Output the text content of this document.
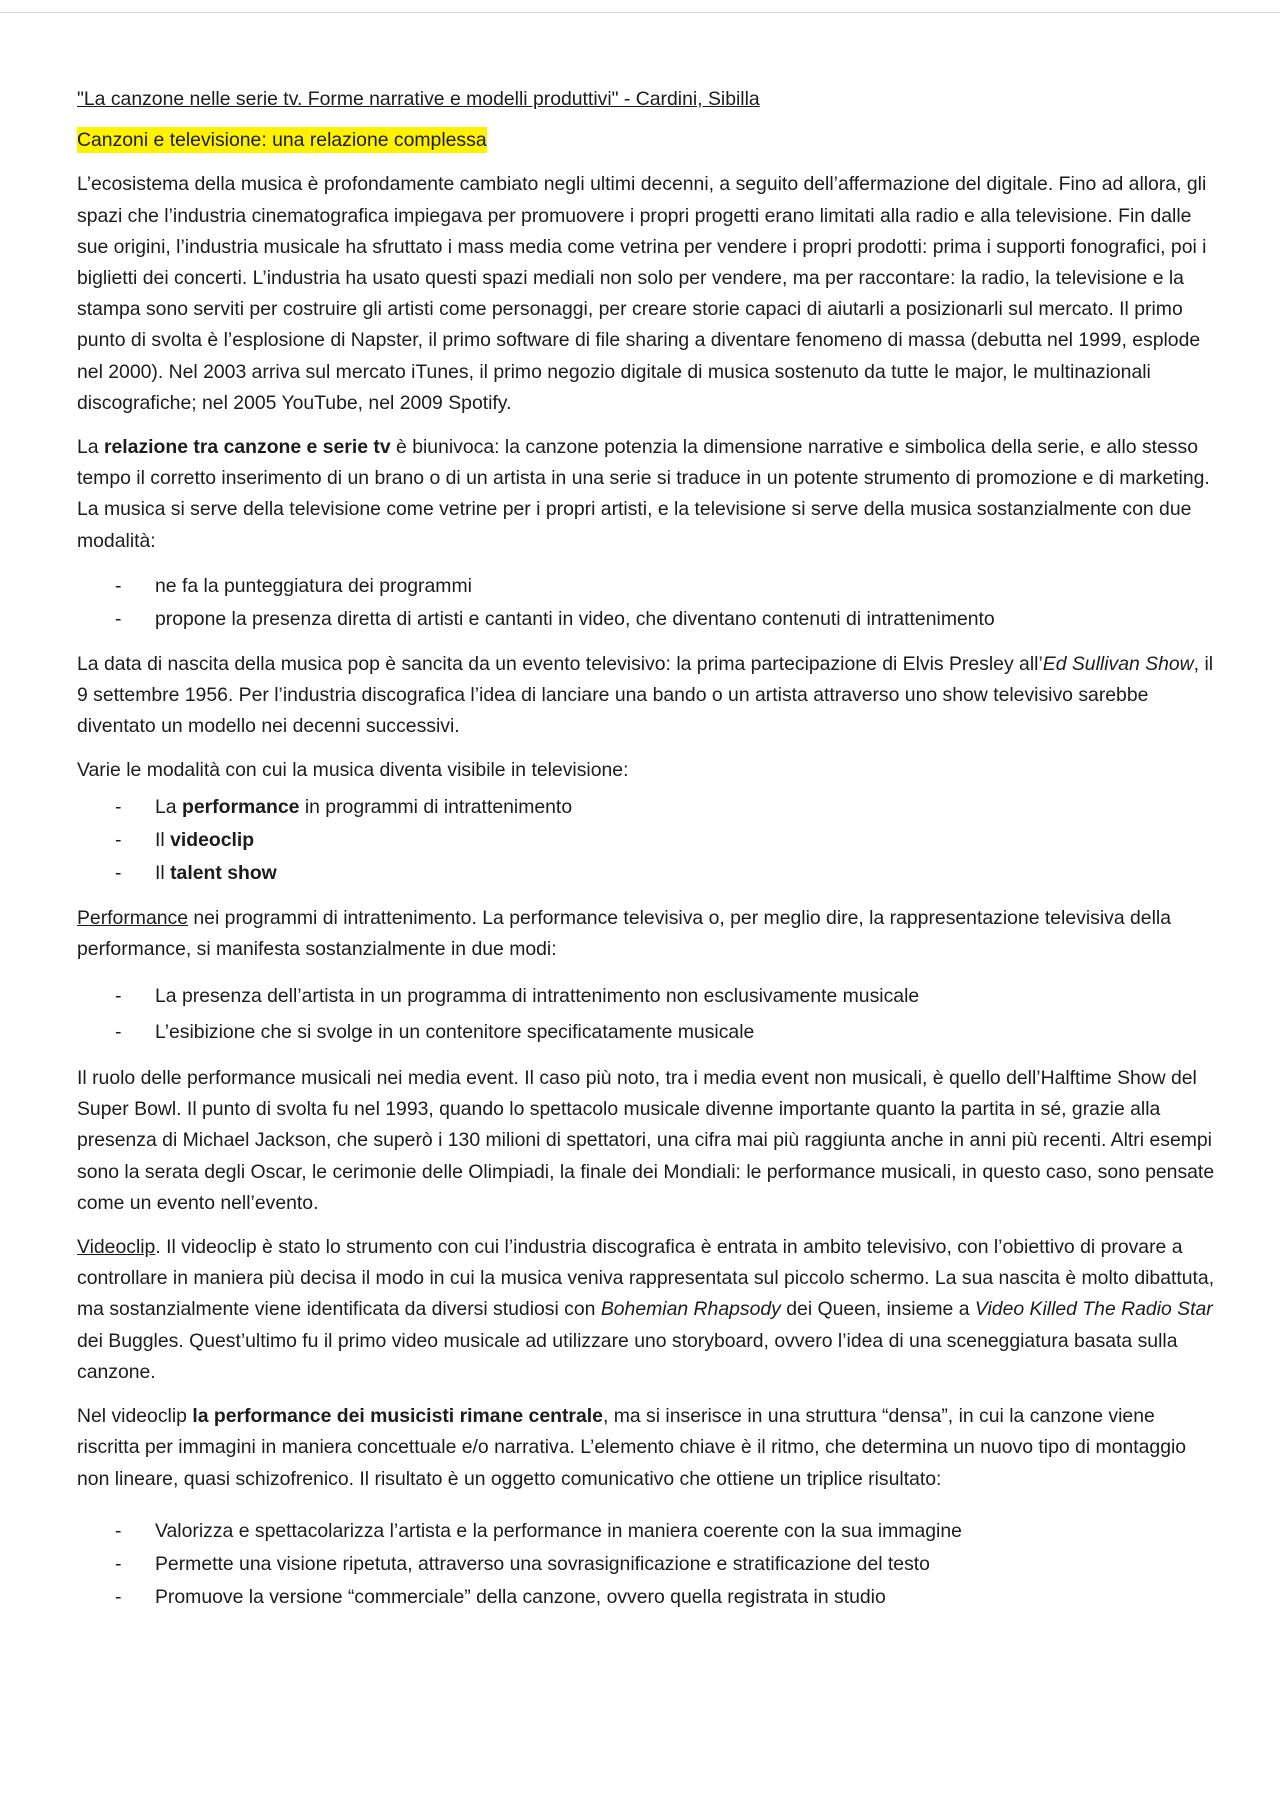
"La canzone nelle serie tv. Forme narrative e modelli produttivi" - Cardini, Sibilla
Canzoni e televisione: una relazione complessa

L’ecosistema della musica è profondamente cambiato negli ultimi decenni, a seguito dell’affermazione del digitale. Fino ad allora, gli spazi che l’industria cinematografica impiegava per promuovere i propri progetti erano limitati alla radio e alla televisione. Fin dalle sue origini, l’industria musicale ha sfruttato i mass media come vetrina per vendere i propri prodotti: prima i supporti fonografici, poi i biglietti dei concerti. L’industria ha usato questi spazi mediali non solo per vendere, ma per raccontare: la radio, la televisione e la stampa sono serviti per costruire gli artisti come personaggi, per creare storie capaci di aiutarli a posizionarli sul mercato. Il primo punto di svolta è l’esplosione di Napster, il primo software di file sharing a diventare fenomeno di massa (debutta nel 1999, esplode nel 2000). Nel 2003 arriva sul mercato iTunes, il primo negozio digitale di musica sostenuto da tutte le major, le multinazionali discografiche; nel 2005 YouTube, nel 2009 Spotify.

La relazione tra canzone e serie tv è biunivoca: la canzone potenzia la dimensione narrative e simbolica della serie, e allo stesso tempo il corretto inserimento di un brano o di un artista in una serie si traduce in un potente strumento di promozione e di marketing. La musica si serve della televisione come vetrine per i propri artisti, e la televisione si serve della musica sostanzialmente con due modalità:

- ne fa la punteggiatura dei programmi
- propone la presenza diretta di artisti e cantanti in video, che diventano contenuti di intrattenimento

La data di nascita della musica pop è sancita da un evento televisivo: la prima partecipazione di Elvis Presley all’Ed Sullivan Show, il 9 settembre 1956. Per l’industria discografica l’idea di lanciare una bando o un artista attraverso uno show televisivo sarebbe diventato un modello nei decenni successivi.

Varie le modalità con cui la musica diventa visibile in televisione:

- La performance in programmi di intrattenimento
- Il videoclip
- Il talent show

Performance nei programmi di intrattenimento. La performance televisiva o, per meglio dire, la rappresentazione televisiva della performance, si manifesta sostanzialmente in due modi:

- La presenza dell’artista in un programma di intrattenimento non esclusivamente musicale
- L’esibizione che si svolge in un contenitore specificatamente musicale

Il ruolo delle performance musicali nei media event. Il caso più noto, tra i media event non musicali, è quello dell’Halftime Show del Super Bowl. Il punto di svolta fu nel 1993, quando lo spettacolo musicale divenne importante quanto la partita in sé, grazie alla presenza di Michael Jackson, che superò i 130 milioni di spettatori, una cifra mai più raggiunta anche in anni più recenti. Altri esempi sono la serata degli Oscar, le cerimonie delle Olimpiadi, la finale dei Mondiali: le performance musicali, in questo caso, sono pensate come un evento nell’evento.

Videoclip. Il videoclip è stato lo strumento con cui l’industria discografica è entrata in ambito televisivo, con l’obiettivo di provare a controllare in maniera più decisa il modo in cui la musica veniva rappresentata sul piccolo schermo. La sua nascita è molto dibattuta, ma sostanzialmente viene identificata da diversi studiosi con Bohemian Rhapsody dei Queen, insieme a Video Killed The Radio Star dei Buggles. Quest’ultimo fu il primo video musicale ad utilizzare uno storyboard, ovvero l’idea di una sceneggiatura basata sulla canzone.

Nel videoclip la performance dei musicisti rimane centrale, ma si inserisce in una struttura “densa”, in cui la canzone viene riscritta per immagini in maniera concettuale e/o narrativa. L’elemento chiave è il ritmo, che determina un nuovo tipo di montaggio non lineare, quasi schizofrenico. Il risultato è un oggetto comunicativo che ottiene un triplice risultato:

- Valorizza e spettacolarizza l’artista e la performance in maniera coerente con la sua immagine
- Permette una visione ripetuta, attraverso una sovrasignificazione e stratificazione del testo
- Promuove la versione “commerciale” della canzone, ovvero quella registrata in studio
